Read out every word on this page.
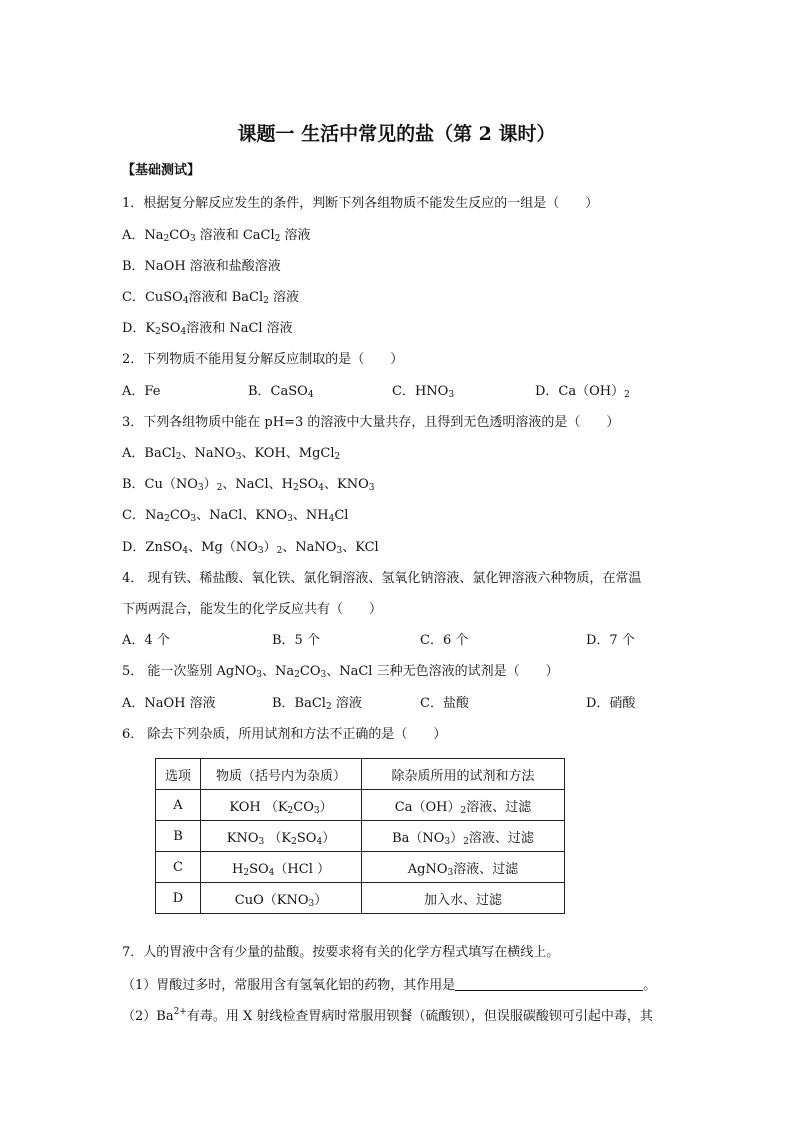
课题一 生活中常见的盐（第 2 课时）
【基础测试】
1．根据复分解反应发生的条件，判断下列各组物质不能发生反应的一组是（　　）
A．$Na_2CO_3$ 溶液和 CaCl$_2$ 溶液
B．NaOH 溶液和盐酸溶液
C．CuSO$_4$溶液和 BaCl$_2$ 溶液
D．$K_2SO_4$溶液和 NaCl 溶液
2．下列物质不能用复分解反应制取的是（　　）
A．Fe	B．CaSO$_4$	C．$HNO_3$	D．$Ca(OH)_2$
3．下列各组物质中能在 pH=3 的溶液中大量共存，且得到无色透明溶液的是（　　）
A．BaCl$_2$、NaNO$_3$、KOH、MgCl$_2$
B．$Cu(NO_3)_2$、NaCl、$H_2SO_4$、$KNO_3$
C．$Na_2CO_3$、NaCl、$KNO_3$、$NH_4Cl$
D．ZnSO$_4$、$Mg(NO_3)_2$、NaNO$_3$、KCl
4． 现有铁、稀盐酸、氧化铁、氯化铜溶液、氢氧化钠溶液、氯化钾溶液六种物质，在常温
下两两混合，能发生的化学反应共有（　　）
A．4 个	B．5 个	C．6 个	D．7 个
5． 能一次鉴别 AgNO$_3$、$Na_2CO_3$、NaCl 三种无色溶液的试剂是（　　）
A．NaOH 溶液	B．BaCl$_2$ 溶液	C．盐酸	D．硝酸
6． 除去下列杂质，所用试剂和方法不正确的是（　　）
选项	物质（括号内为杂质）	除杂质所用的试剂和方法
A	KOH $(K_2CO_3)$	$Ca(OH)_2$溶液、过滤
B	$KNO_3$ $(K_2SO_4)$	$Ba(NO_3)_2$溶液、过滤
C	$H_2SO_4(HCl$ ）	AgNO$_3$溶液、过滤
D	$CuO(KNO_3)$	加入水、过滤
7．人的胃液中含有少量的盐酸。按要求将有关的化学方程式填写在横线上。
（1）胃酸过多时，常服用含有氢氧化铝的药物，其作用是	。
$(2)Ba^{2+}$有毒。用 X 射线检查胃病时常服用钡餐（硫酸钡），但误服碳酸钡可引起中毒，其
